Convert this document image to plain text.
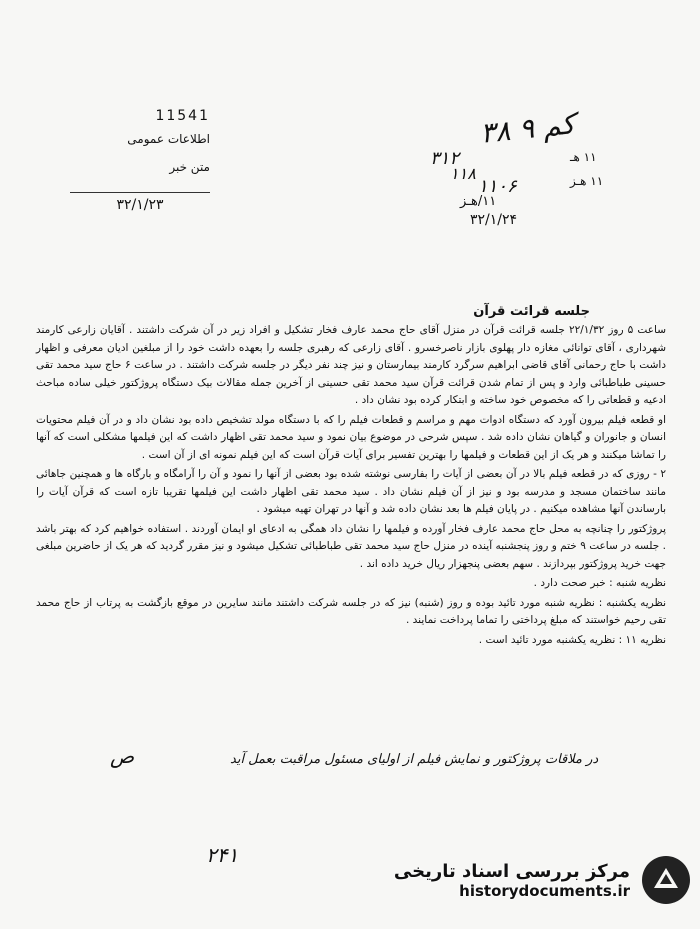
11541
اطلاعات عمومی
متن خبر
۳۲/۱/۲۳
۳۸ ۹ کم
۳۱۲
۱۱۸
۱۱۰۶
۱۱ هـ
۱۱ هـز
۱۱/هـز
۳۲/۱/۲۴
جلسه قرائت قرآن

ساعت ۵ روز ۲۲/۱/۳۲ جلسه قرائت قرآن در منزل آقای حاج محمد عارف فخار تشکیل و افراد زیر در آن شرکت داشتند . آقایان زارعی کارمند شهرداری ، آقای توانائی مغازه دار پهلوی بازار ناصرخسرو . آقای زارعی که رهبری جلسه را بعهده داشت خود را از مبلغین ادیان معرفی و اظهار داشت با حاج رحمانی آقای قاضی ابراهیم سرگرد کارمند بیمارستان و نیز چند نفر دیگر در جلسه شرکت داشتند . در ساعت ۶ حاج سید محمد تقی حسینی طباطبائی وارد و پس از تمام شدن قرائت قرآن سید محمد تقی حسینی از آخرین جمله مقالات بیک دستگاه پروژکتور خیلی ساده مباحث ادعیه و قطعاتی را که مخصوص خود ساخته و ابتکار کرده بود نشان داد .

او قطعه فیلم بیرون آورد که دستگاه ادوات مهم و مراسم و قطعات فیلم را که با دستگاه مولد تشخیص داده بود نشان داد و در آن فیلم محتویات انسان و جانوران و گیاهان نشان داده شد . سپس شرحی در موضوع بیان نمود و سید محمد تقی اظهار داشت که این فیلمها مشکلی است که آنها را تماشا میکنند و هر یک از این قطعات و فیلمها را بهترین تفسیر برای آیات قرآن است که این فیلم نمونه ای از آن است .

۲ - روزی که در قطعه فیلم بالا در آن بعضی از آیات را بفارسی نوشته شده بود بعضی از آنها را نمود و آن را آرامگاه و بارگاه ها و همچنین جاهائی مانند ساختمان مسجد و مدرسه بود و نیز از آن فیلم نشان داد . سید محمد تقی اظهار داشت این فیلمها تقریبا تازه است که قرآن آیات را بارساندن آنها مشاهده میکنیم . در پایان فیلم ها بعد نشان داده شد و آنها در تهران تهیه میشود .

پروژکتور را چنانچه به محل حاج محمد عارف فخار آورده و فیلمها را نشان داد همگی به ادعای او ایمان آوردند . استفاده خواهیم کرد که بهتر باشد . جلسه در ساعت ۹ ختم و روز پنجشنبه آینده در منزل حاج سید محمد تقی طباطبائی تشکیل میشود و نیز مقرر گردید که هر یک از حاضرین مبلغی جهت خرید پروژکتور بپردازند . سهم بعضی پنجهزار ریال خرید داده اند .

نظریه شنبه : خبر صحت دارد .

نظریه یکشنبه : نظریه شنبه مورد تائید بوده و روز (شنبه) نیز که در جلسه شرکت داشتند مانند سایرین در موقع بازگشت به پرتاب از حاج محمد تقی رحیم خواستند که مبلغ پرداختی را تماما پرداخت نمایند .

نظریه ۱۱ : نظریه یکشنبه مورد تائید است .

ص	در ملاقات پروژکتور و نمایش فیلم از اولیای مسئول مراقبت بعمل آید
۲۴۱
مرکز بررسی اسناد تاریخی
historydocuments.ir
